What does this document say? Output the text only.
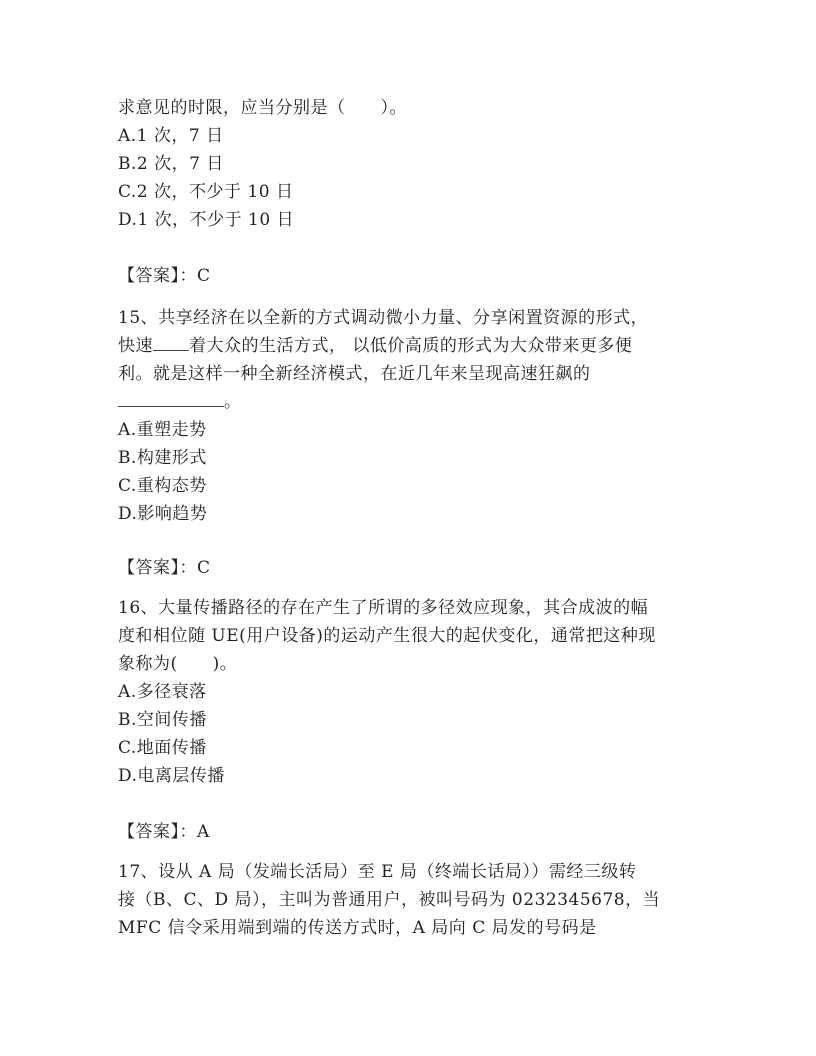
求意见的时限，应当分别是（　　）。
A.1 次，7 日
B.2 次，7 日
C.2 次，不少于 10 日
D.1 次，不少于 10 日
【答案】：C
15、共享经济在以全新的方式调动微小力量、分享闲置资源的形式，
快速 着大众的生活方式， 以低价高质的形式为大众带来更多便
利。就是这样一种全新经济模式，在近几年来呈现高速狂飙的
。
A.重塑走势
B.构建形式
C.重构态势
D.影响趋势
【答案】：C
16、大量传播路径的存在产生了所谓的多径效应现象，其合成波的幅
度和相位随 UE(用户设备)的运动产生很大的起伏变化，通常把这种现
象称为(　　)。
A.多径衰落
B.空间传播
C.地面传播
D.电离层传播
【答案】：A
17、设从 A 局（发端长活局）至 E 局（终端长话局））需经三级转
接（B、C、D 局），主叫为普通用户，被叫号码为 0232345678，当
MFC 信令采用端到端的传送方式时，A 局向 C 局发的号码是
